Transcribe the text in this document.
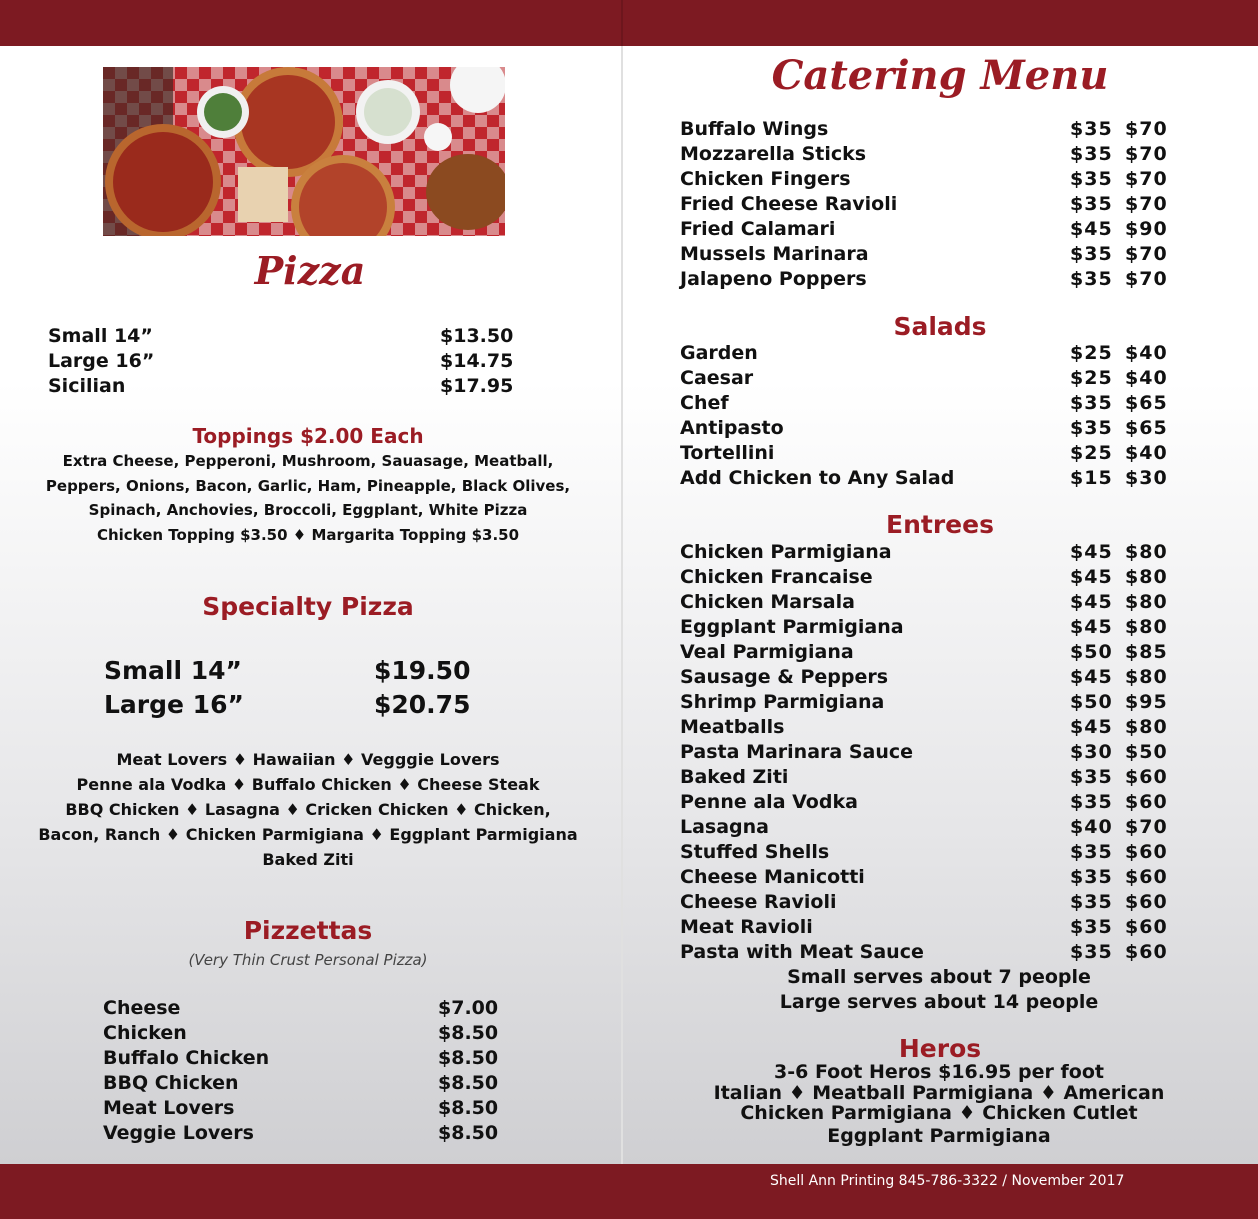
Pizza
Small 14”	$13.50
Large 16”	$14.75
Sicilian	$17.95
Toppings $2.00 Each
Extra Cheese, Pepperoni, Mushroom, Sauasage, Meatball,
Peppers, Onions, Bacon, Garlic, Ham, Pineapple, Black Olives,
Spinach, Anchovies, Broccoli, Eggplant, White Pizza
Chicken Topping $3.50 ♦ Margarita Topping $3.50
Specialty Pizza
Small 14”	$19.50
Large 16”	$20.75
Meat Lovers ♦ Hawaiian ♦ Vegggie Lovers
Penne ala Vodka ♦ Buffalo Chicken ♦ Cheese Steak
BBQ Chicken ♦ Lasagna ♦ Cricken Chicken ♦ Chicken,
Bacon, Ranch ♦ Chicken Parmigiana ♦ Eggplant Parmigiana
Baked Ziti
Pizzettas
(Very Thin Crust Personal Pizza)
Cheese	$7.00
Chicken	$8.50
Buffalo Chicken	$8.50
BBQ Chicken	$8.50
Meat Lovers	$8.50
Veggie Lovers	$8.50
Catering Menu
Buffalo Wings	$35 $70
Mozzarella Sticks	$35 $70
Chicken Fingers	$35 $70
Fried Cheese Ravioli	$35 $70
Fried Calamari	$45 $90
Mussels Marinara	$35 $70
Jalapeno Poppers	$35 $70
Salads
Garden	$25 $40
Caesar	$25 $40
Chef	$35 $65
Antipasto	$35 $65
Tortellini	$25 $40
Add Chicken to Any Salad	$15 $30
Entrees
Chicken Parmigiana	$45 $80
Chicken Francaise	$45 $80
Chicken Marsala	$45 $80
Eggplant Parmigiana	$45 $80
Veal Parmigiana	$50 $85
Sausage & Peppers	$45 $80
Shrimp Parmigiana	$50 $95
Meatballs	$45 $80
Pasta Marinara Sauce	$30 $50
Baked Ziti	$35 $60
Penne ala Vodka	$35 $60
Lasagna	$40 $70
Stuffed Shells	$35 $60
Cheese Manicotti	$35 $60
Cheese Ravioli	$35 $60
Meat Ravioli	$35 $60
Pasta with Meat Sauce	$35 $60
Small serves about 7 people
Large serves about 14 people
Heros
3-6 Foot Heros $16.95 per foot
Italian ♦ Meatball Parmigiana ♦ American
Chicken Parmigiana ♦ Chicken Cutlet
Eggplant Parmigiana
Shell Ann Printing 845-786-3322 / November 2017
